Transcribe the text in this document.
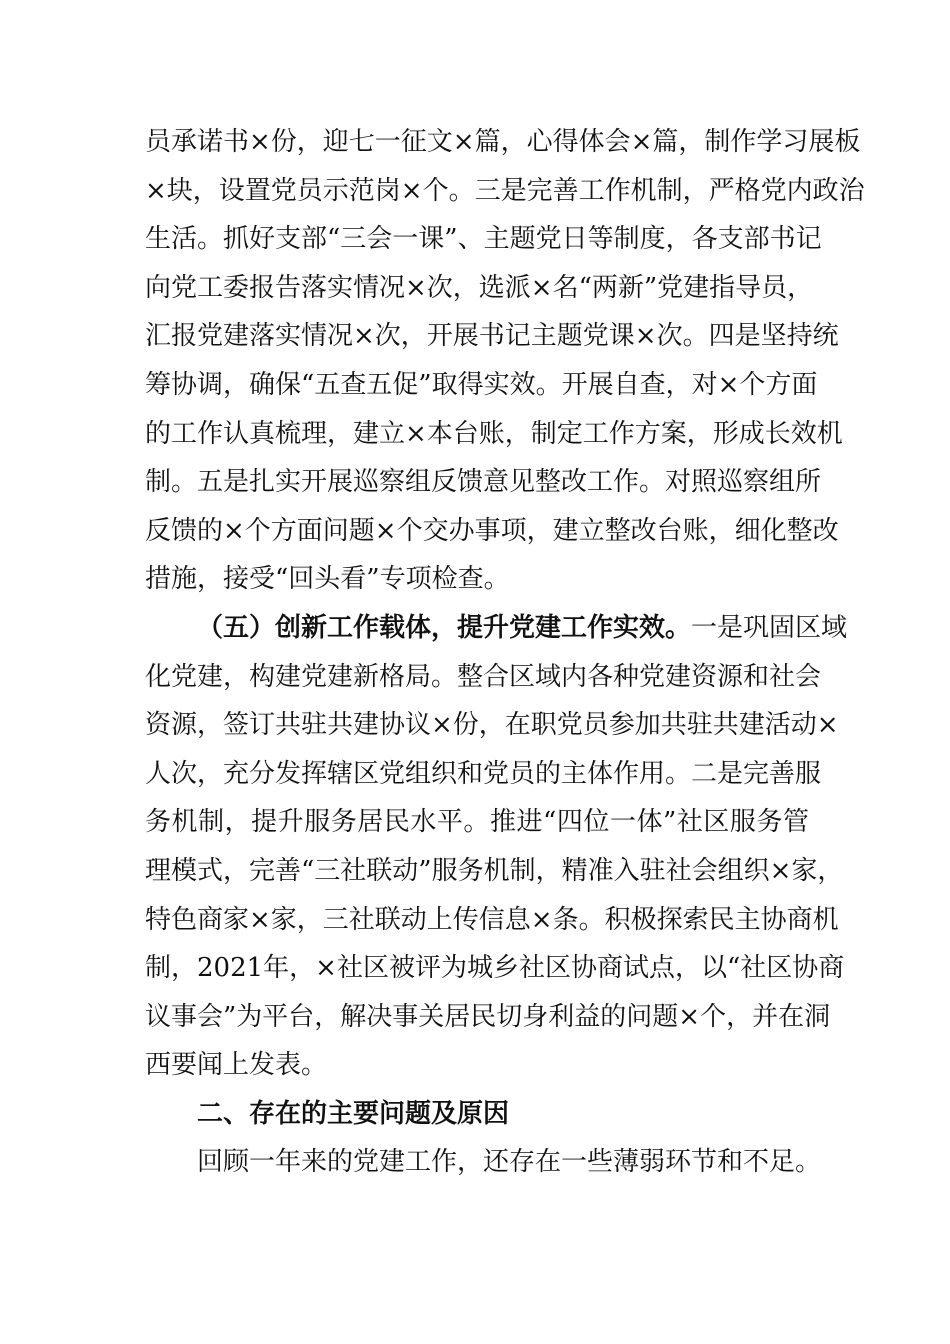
员承诺书×份，迎七一征文×篇，心得体会×篇，制作学习展板
×块，设置党员示范岗×个。三是完善工作机制，严格党内政治
生活。抓好支部“三会一课”、主题党日等制度，各支部书记
向党工委报告落实情况×次，选派×名“两新”党建指导员，
汇报党建落实情况×次，开展书记主题党课×次。四是坚持统
筹协调，确保“五查五促”取得实效。开展自查，对×个方面
的工作认真梳理，建立×本台账，制定工作方案，形成长效机
制。五是扎实开展巡察组反馈意见整改工作。对照巡察组所
反馈的×个方面问题×个交办事项，建立整改台账，细化整改
措施，接受“回头看”专项检查。
（五）创新工作载体，提升党建工作实效。一是巩固区域
化党建，构建党建新格局。整合区域内各种党建资源和社会
资源，签订共驻共建协议×份，在职党员参加共驻共建活动×
人次，充分发挥辖区党组织和党员的主体作用。二是完善服
务机制，提升服务居民水平。推进“四位一体”社区服务管
理模式，完善“三社联动”服务机制，精准入驻社会组织×家，
特色商家×家，三社联动上传信息×条。积极探索民主协商机
制，2021年，×社区被评为城乡社区协商试点，以“社区协商
议事会”为平台，解决事关居民切身利益的问题×个，并在洞
西要闻上发表。
二、存在的主要问题及原因
回顾一年来的党建工作，还存在一些薄弱环节和不足。
